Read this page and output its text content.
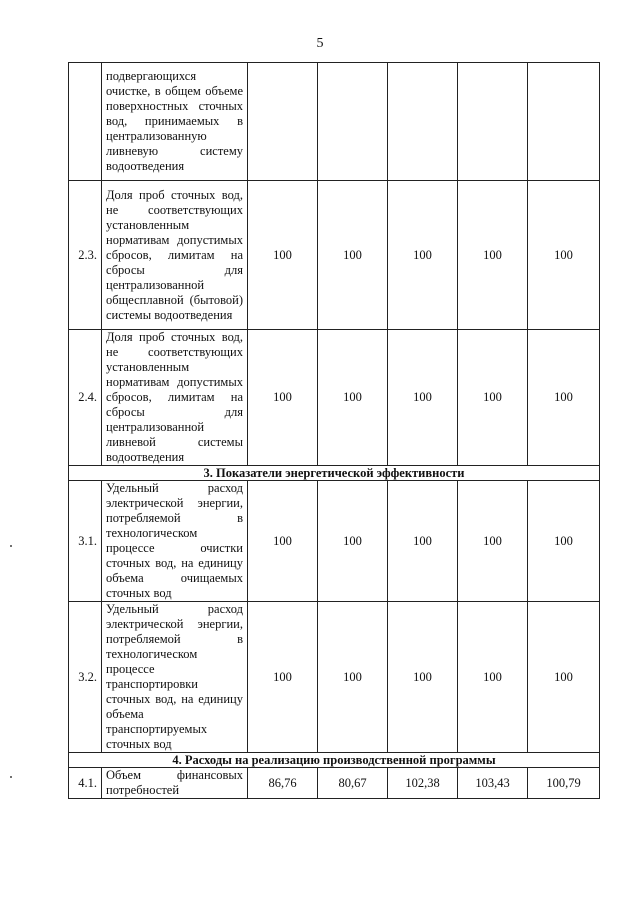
5
	подвергающихся очистке, в общем объеме поверхностных сточных вод, принимаемых в централизованную ливневую систему водоотведения					
2.3.	Доля проб сточных вод, не соответствующих установленным нормативам допустимых сбросов, лимитам на сбросы для централизованной общесплавной (бытовой) системы водоотведения	100	100	100	100	100
2.4.	Доля проб сточных вод, не соответствующих установленным нормативам допустимых сбросов, лимитам на сбросы для централизованной ливневой системы водоотведения	100	100	100	100	100
3. Показатели энергетической эффективности						
3.1.	Удельный расход электрической энергии, потребляемой в технологическом процессе очистки сточных вод, на единицу объема очищаемых сточных вод	100	100	100	100	100
3.2.	Удельный расход электрической энергии, потребляемой в технологическом процессе транспортировки сточных вод, на единицу объема транспортируемых сточных вод	100	100	100	100	100
4. Расходы на реализацию производственной программы						
4.1.	Объем финансовых потребностей	86,76	80,67	102,38	103,43	100,79
